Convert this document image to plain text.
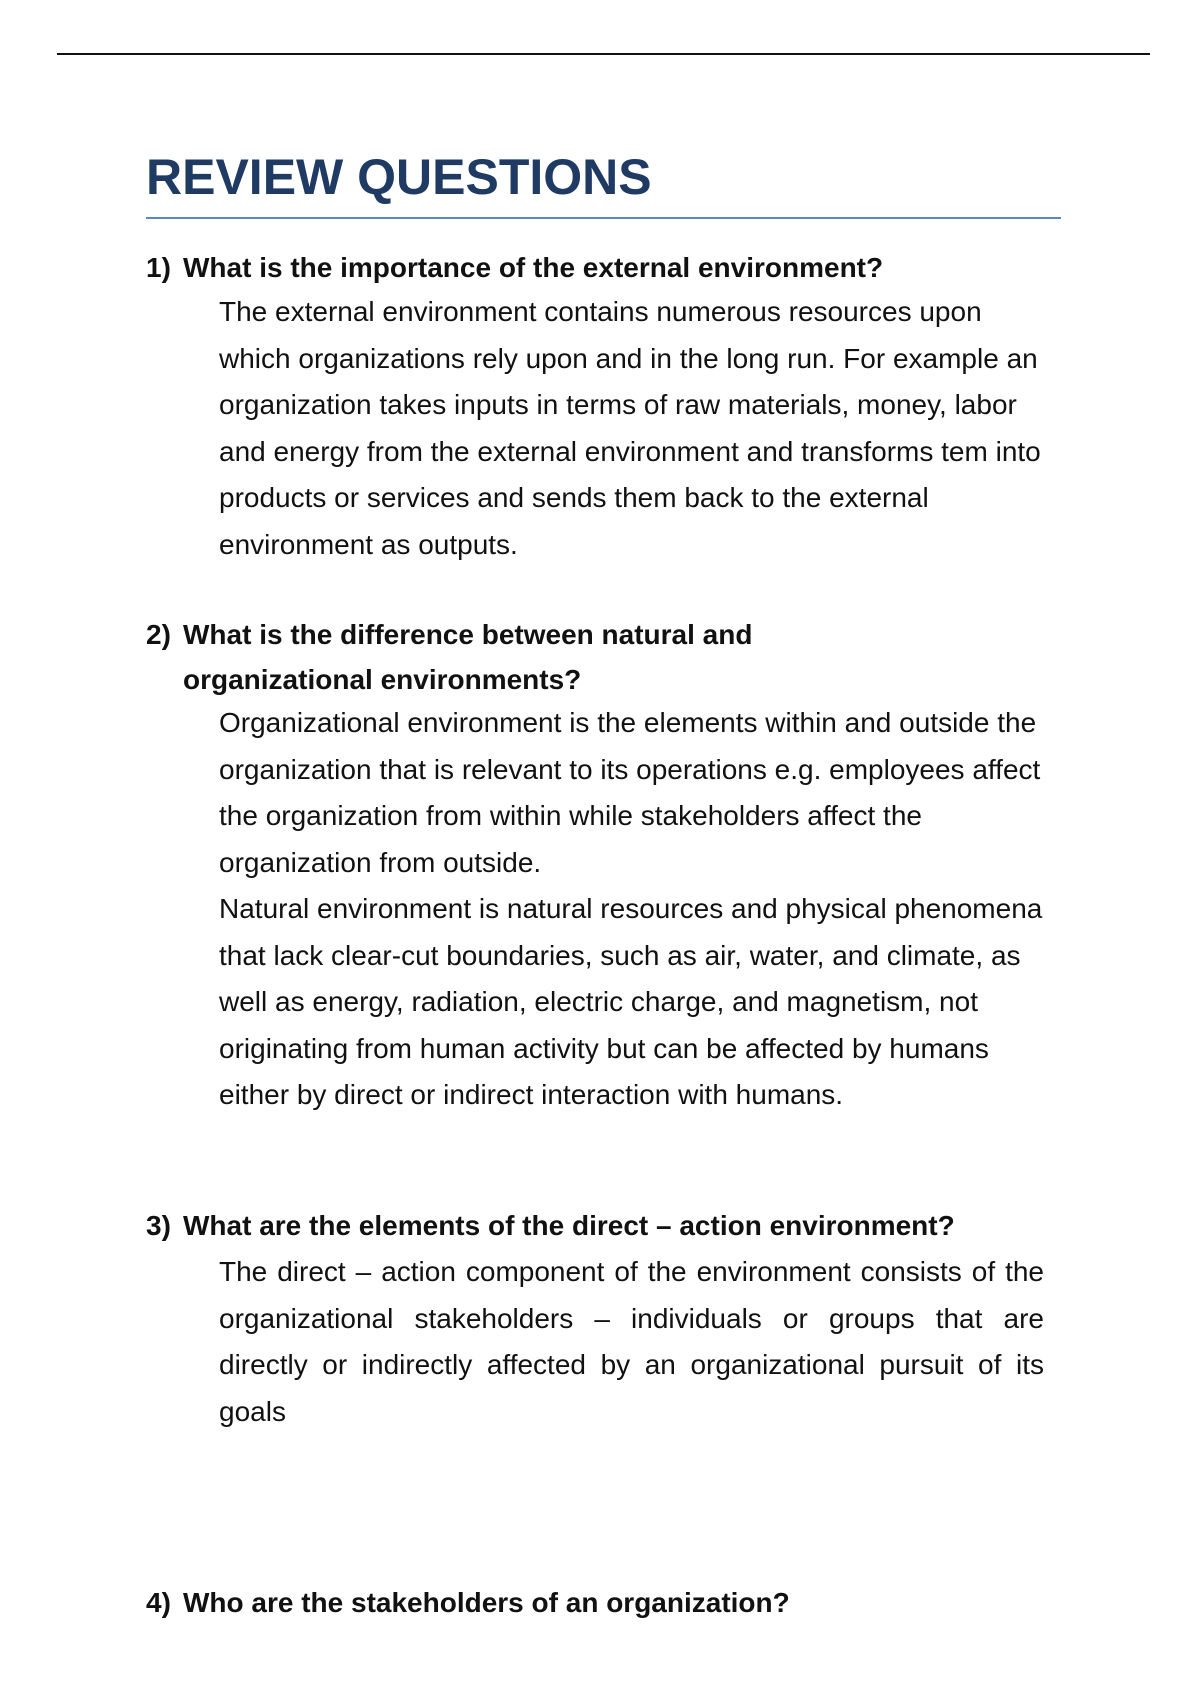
REVIEW QUESTIONS
1) What is the importance of the external environment?

The external environment contains numerous resources upon which organizations rely upon and in the long run. For example an organization takes inputs in terms of raw materials, money, labor and energy from the external environment and transforms tem into products or services and sends them back to the external environment as outputs.

2) What is the difference between natural and
organizational environments?

Organizational environment is the elements within and outside the organization that is relevant to its operations e.g. employees affect the organization from within while stakeholders affect the organization from outside.

Natural environment is natural resources and physical phenomena that lack clear-cut boundaries, such as air, water, and climate, as well as energy, radiation, electric charge, and magnetism, not originating from human activity but can be affected by humans either by direct or indirect interaction with humans.

3) What are the elements of the direct – action environment?

The direct – action component of the environment consists of the organizational stakeholders – individuals or groups that are directly or indirectly affected by an organizational pursuit of its goals

4) Who are the stakeholders of an organization?
